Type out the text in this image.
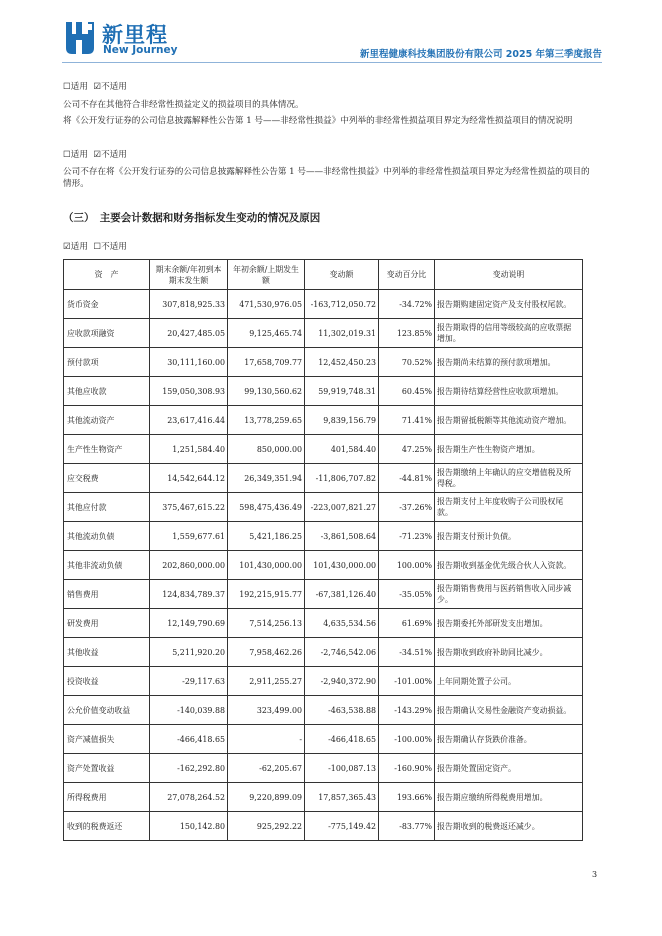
新里程
New Journey	新里程健康科技集团股份有限公司 2025 年第三季度报告
☐适用 ☑不适用
公司不存在其他符合非经常性损益定义的损益项目的具体情况。
将《公开发行证券的公司信息披露解释性公告第 1 号——非经常性损益》中列举的非经常性损益项目界定为经常性损益项目的情况说明
☐适用 ☑不适用
公司不存在将《公开发行证券的公司信息披露解释性公告第 1 号——非经常性损益》中列举的非经常性损益项目界定为经常性损益的项目的情形。
（三）　主要会计数据和财务指标发生变动的情况及原因
☑适用 ☐不适用
资　产	期末余额/年初到本期末发生额	年初余额/上期发生额	变动额	变动百分比	变动说明
货币资金	307,818,925.33	471,530,976.05	-163,712,050.72	-34.72%	报告期购建固定资产及支付股权尾款。
应收款项融资	20,427,485.05	9,125,465.74	11,302,019.31	123.85%	报告期取得的信用等级较高的应收票据增加。
预付款项	30,111,160.00	17,658,709.77	12,452,450.23	70.52%	报告期尚未结算的预付款项增加。
其他应收款	159,050,308.93	99,130,560.62	59,919,748.31	60.45%	报告期待结算经营性应收款项增加。
其他流动资产	23,617,416.44	13,778,259.65	9,839,156.79	71.41%	报告期留抵税额等其他流动资产增加。
生产性生物资产	1,251,584.40	850,000.00	401,584.40	47.25%	报告期生产性生物资产增加。
应交税费	14,542,644.12	26,349,351.94	-11,806,707.82	-44.81%	报告期缴纳上年确认的应交增值税及所得税。
其他应付款	375,467,615.22	598,475,436.49	-223,007,821.27	-37.26%	报告期支付上年度收购子公司股权尾款。
其他流动负债	1,559,677.61	5,421,186.25	-3,861,508.64	-71.23%	报告期支付预计负债。
其他非流动负债	202,860,000.00	101,430,000.00	101,430,000.00	100.00%	报告期收到基金优先级合伙人入资款。
销售费用	124,834,789.37	192,215,915.77	-67,381,126.40	-35.05%	报告期销售费用与医药销售收入同步减少。
研发费用	12,149,790.69	7,514,256.13	4,635,534.56	61.69%	报告期委托外部研发支出增加。
其他收益	5,211,920.20	7,958,462.26	-2,746,542.06	-34.51%	报告期收到政府补助同比减少。
投资收益	-29,117.63	2,911,255.27	-2,940,372.90	-101.00%	上年同期处置子公司。
公允价值变动收益	-140,039.88	323,499.00	-463,538.88	-143.29%	报告期确认交易性金融资产变动损益。
资产减值损失	-466,418.65	-	-466,418.65	-100.00%	报告期确认存货跌价准备。
资产处置收益	-162,292.80	-62,205.67	-100,087.13	-160.90%	报告期处置固定资产。
所得税费用	27,078,264.52	9,220,899.09	17,857,365.43	193.66%	报告期应缴纳所得税费用增加。
收到的税费返还	150,142.80	925,292.22	-775,149.42	-83.77%	报告期收到的税费返还减少。
3
